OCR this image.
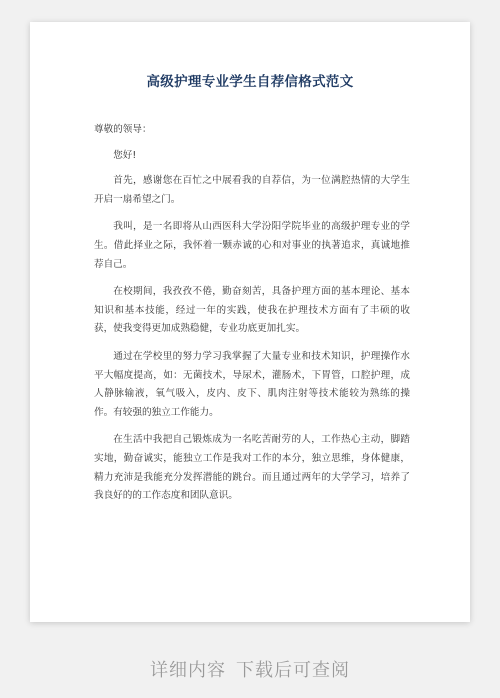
高级护理专业学生自荐信格式范文

尊敬的领导：

您好!

首先，感谢您在百忙之中展看我的自荐信，为一位满腔热情的大学生开启一扇希望之门。

我叫，是一名即将从山西医科大学汾阳学院毕业的高级护理专业的学生。借此择业之际，我怀着一颗赤诚的心和对事业的执著追求，真诚地推荐自己。

在校期间，我孜孜不倦，勤奋刻苦，具备护理方面的基本理论、基本知识和基本技能，经过一年的实践，使我在护理技术方面有了丰硕的收获，使我变得更加成熟稳健，专业功底更加扎实。

通过在学校里的努力学习我掌握了大量专业和技术知识，护理操作水平大幅度提高，如：无菌技术，导尿术，灌肠术，下胃管，口腔护理，成人静脉输液，氧气吸入，皮内、皮下、肌肉注射等技术能较为熟练的操作。有较强的独立工作能力。

在生活中我把自己锻炼成为一名吃苦耐劳的人，工作热心主动，脚踏实地，勤奋诚实，能独立工作是我对工作的本分，独立思维，身体健康，精力充沛是我能充分发挥潜能的跳台。而且通过两年的大学学习，培养了我良好的的工作态度和团队意识。

详细内容 下载后可查阅
